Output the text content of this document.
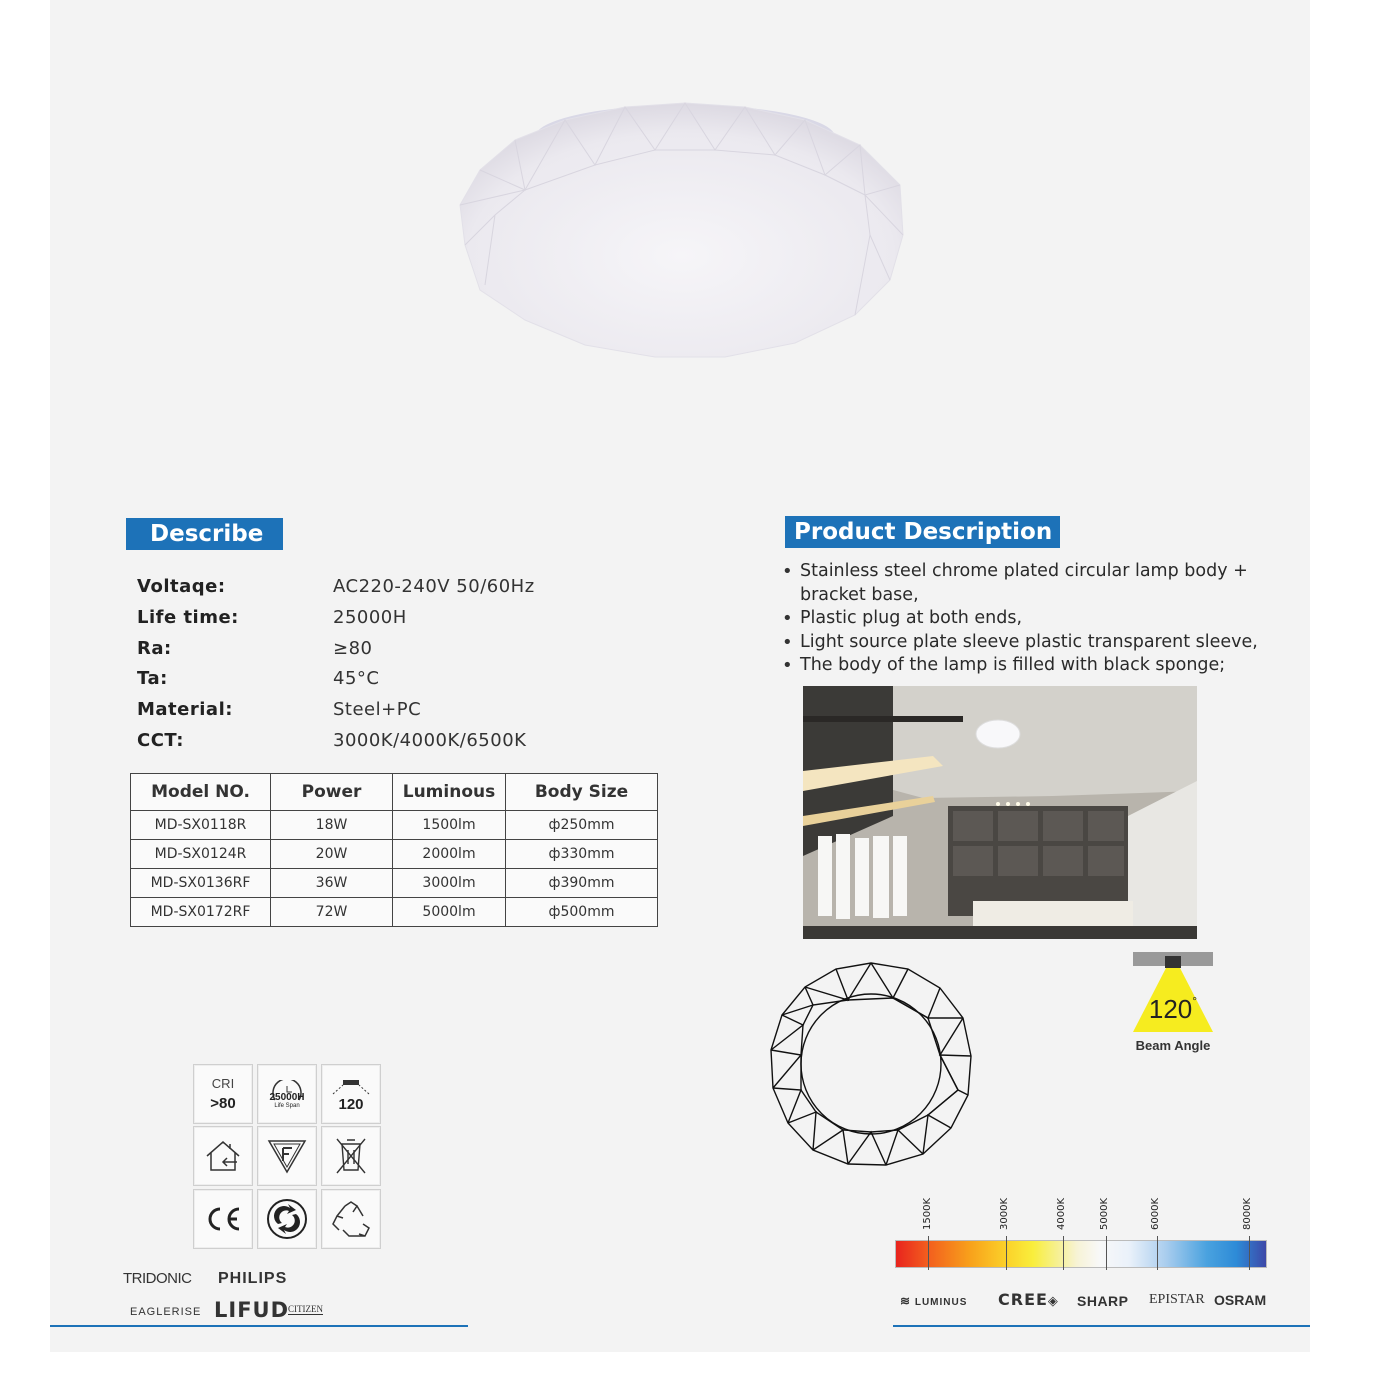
Describe
Voltaqe:	AC220-240V 50/60Hz
Life time:	25000H
Ra:	≥80
Ta:	45°C
Material:	Steel+PC
CCT:	3000K/4000K/6500K
Model NO.	Power	Luminous	Body Size
MD-SX0118R	18W	1500lm	ф250mm
MD-SX0124R	20W	2000lm	ф330mm
MD-SX0136RF	36W	3000lm	ф390mm
MD-SX0172RF	72W	5000lm	ф500mm
Product Description
• Stainless steel chrome plated circular lamp body + bracket base,
• Plastic plug at both ends,
• Light source plate sleeve plastic transparent sleeve,
• The body of the lamp is filled with black sponge;
120°
Beam Angle
CRI
>80	25000H
Life Span	120
TRIDONIC PHILIPS
EAGLERISE LIFUD
CITIZEN
1500K	3000K	4000K	5000K	6000K	8000K
≋ LUMINUS CREE◈ SHARP EPISTAR OSRAM
